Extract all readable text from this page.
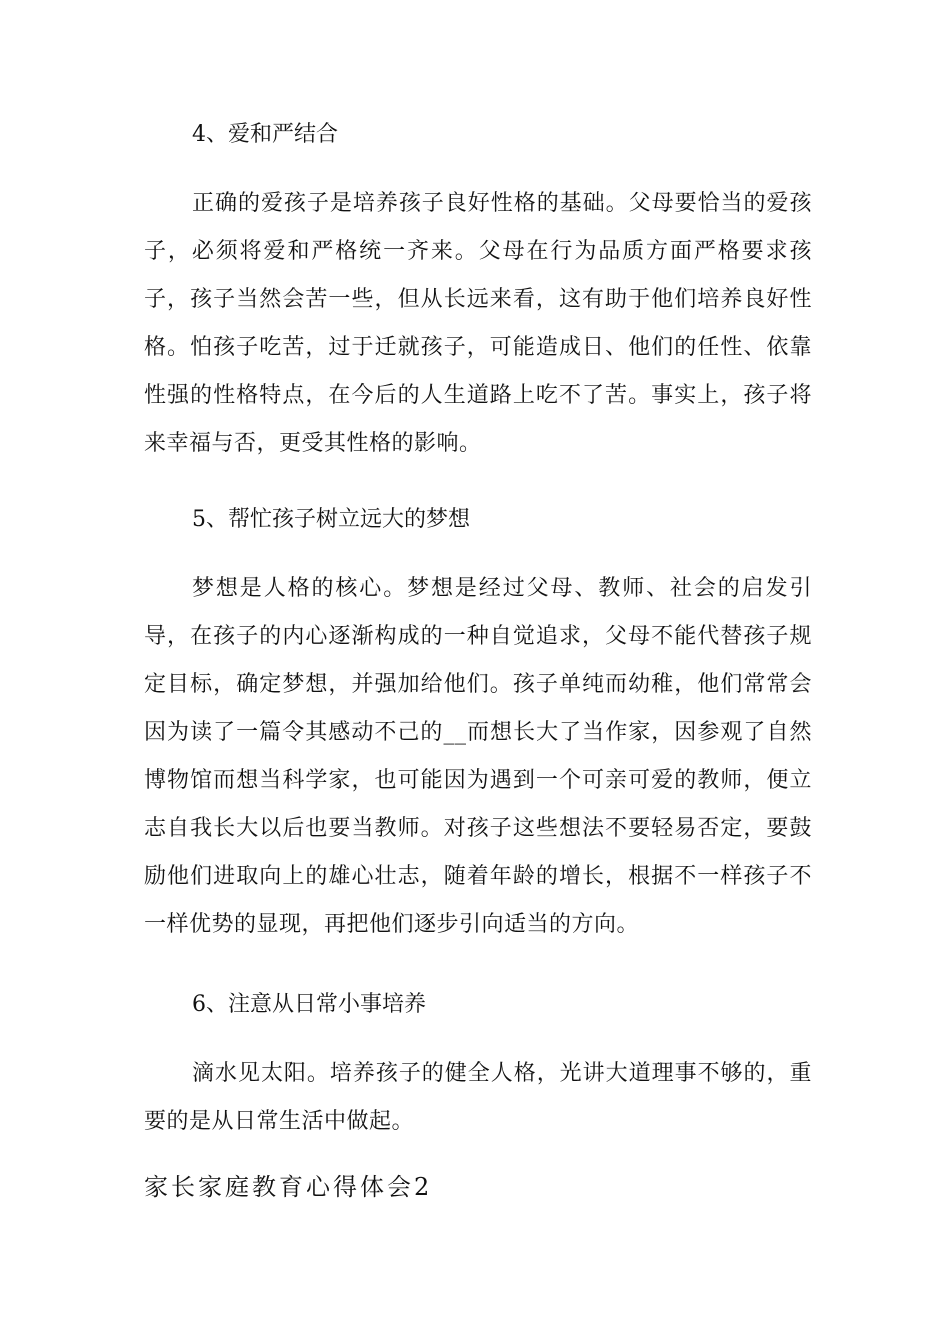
4、爱和严结合
正确的爱孩子是培养孩子良好性格的基础。父母要恰当的爱孩子，必须将爱和严格统一齐来。父母在行为品质方面严格要求孩子，孩子当然会苦一些，但从长远来看，这有助于他们培养良好性格。怕孩子吃苦，过于迁就孩子，可能造成日、他们的任性、依靠性强的性格特点，在今后的人生道路上吃不了苦。事实上，孩子将来幸福与否，更受其性格的影响。
5、帮忙孩子树立远大的梦想
梦想是人格的核心。梦想是经过父母、教师、社会的启发引导，在孩子的内心逐渐构成的一种自觉追求，父母不能代替孩子规定目标，确定梦想，并强加给他们。孩子单纯而幼稚，他们常常会因为读了一篇令其感动不己的__而想长大了当作家，因参观了自然博物馆而想当科学家，也可能因为遇到一个可亲可爱的教师，便立志自我长大以后也要当教师。对孩子这些想法不要轻易否定，要鼓励他们进取向上的雄心壮志，随着年龄的增长，根据不一样孩子不一样优势的显现，再把他们逐步引向适当的方向。
6、注意从日常小事培养
滴水见太阳。培养孩子的健全人格，光讲大道理事不够的，重要的是从日常生活中做起。
家长家庭教育心得体会2
